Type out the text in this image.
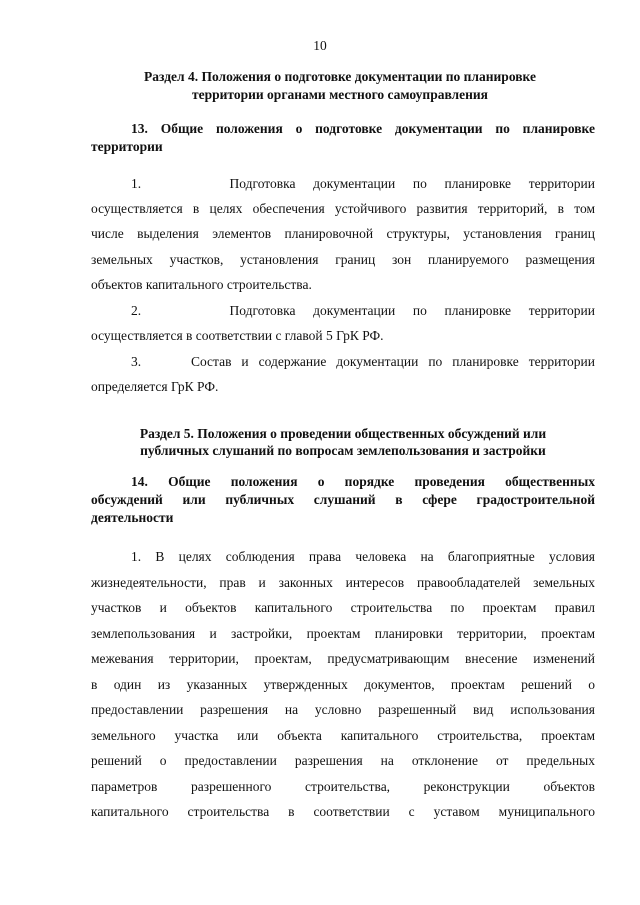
10
Раздел 4. Положения о подготовке документации по планировке
территории органами местного самоуправления
13. Общие положения о подготовке документации по планировке
территории
1.     Подготовка документации по планировке территории
осуществляется в целях обеспечения устойчивого развития территорий, в том
числе выделения элементов планировочной структуры, установления границ
земельных участков, установления границ зон планируемого размещения
объектов капитального строительства.
2.     Подготовка документации по планировке территории
осуществляется в соответствии с главой 5 ГрК РФ.
3.     Состав и содержание документации по планировке территории
определяется ГрК РФ.
Раздел 5. Положения о проведении общественных обсуждений или
публичных слушаний по вопросам землепользования и застройки
14. Общие положения о порядке проведения общественных
обсуждений или публичных слушаний в сфере градостроительной
деятельности
1. В целях соблюдения права человека на благоприятные условия
жизнедеятельности, прав и законных интересов правообладателей земельных
участков и объектов капитального строительства по проектам правил
землепользования и застройки, проектам планировки территории, проектам
межевания территории, проектам, предусматривающим внесение изменений
в один из указанных утвержденных документов, проектам решений о
предоставлении разрешения на условно разрешенный вид использования
земельного участка или объекта капитального строительства, проектам
решений о предоставлении разрешения на отклонение от предельных
параметров разрешенного строительства, реконструкции объектов
капитального строительства в соответствии с уставом муниципального
